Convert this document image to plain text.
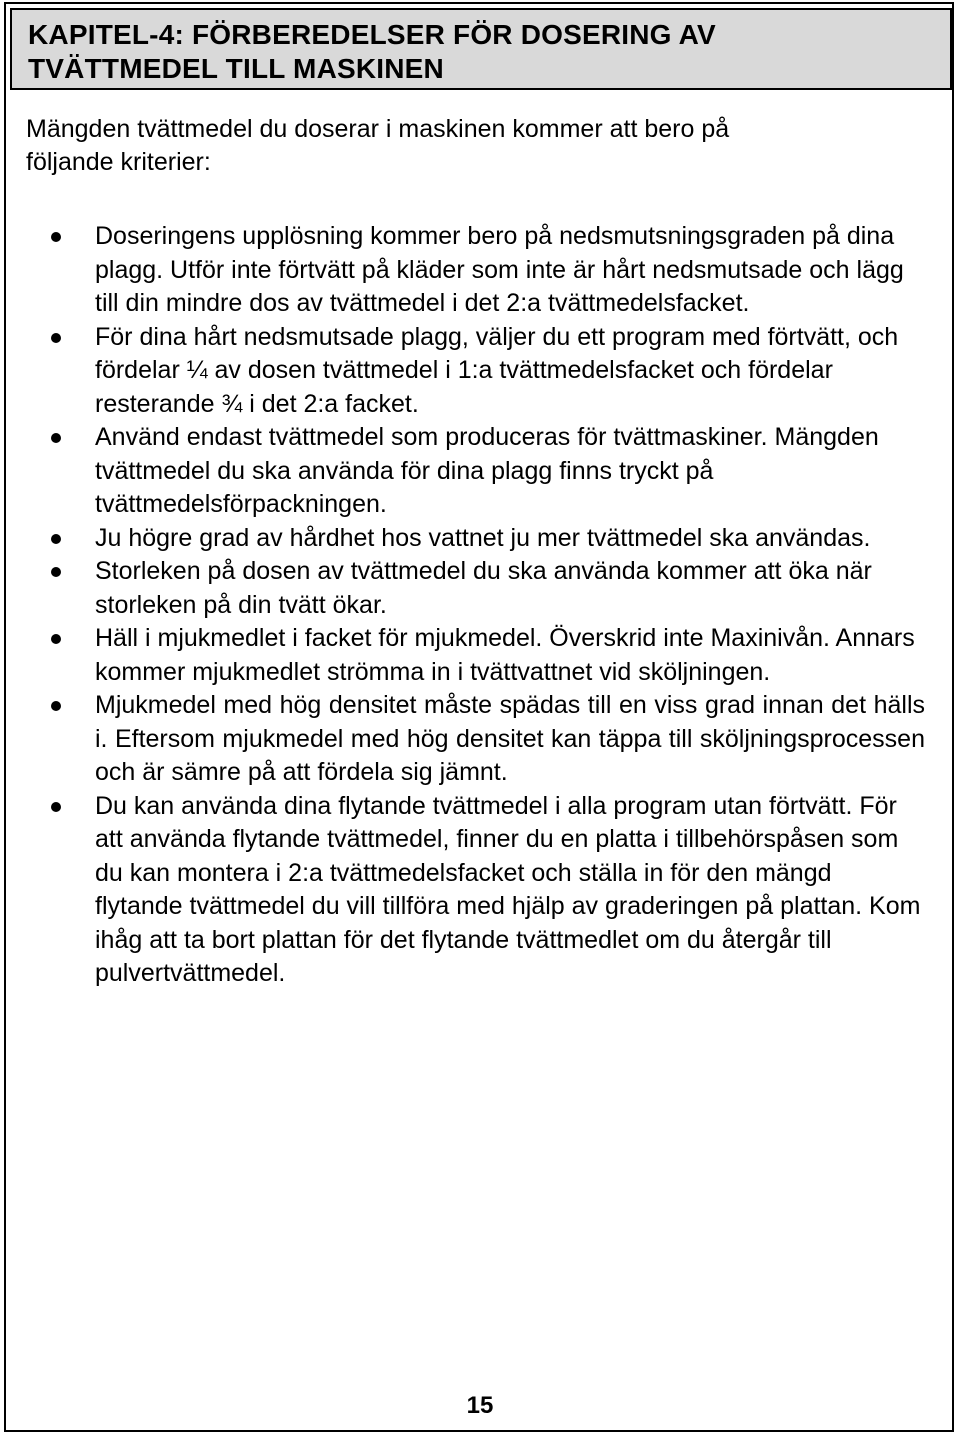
KAPITEL-4: FÖRBEREDELSER FÖR DOSERING AV
TVÄTTMEDEL TILL MASKINEN

Mängden tvättmedel du doserar i maskinen kommer att bero på
följande kriterier:

Doseringens upplösning kommer bero på nedsmutsningsgraden på dina plagg. Utför inte förtvätt på kläder som inte är hårt nedsmutsade och lägg till din mindre dos av tvättmedel i det 2:a tvättmedelsfacket.
För dina hårt nedsmutsade plagg, väljer du ett program med förtvätt, och fördelar ¼ av dosen tvättmedel i 1:a tvättmedelsfacket och fördelar resterande ¾ i det 2:a facket.
Använd endast tvättmedel som produceras för tvättmaskiner. Mängden tvättmedel du ska använda för dina plagg finns tryckt på tvättmedelsförpackningen.
Ju högre grad av hårdhet hos vattnet ju mer tvättmedel ska användas.
Storleken på dosen av tvättmedel du ska använda kommer att öka när storleken på din tvätt ökar.
Häll i mjukmedlet i facket för mjukmedel. Överskrid inte Maxinivån. Annars kommer mjukmedlet strömma in i tvättvattnet vid sköljningen.
Mjukmedel med hög densitet måste spädas till en viss grad innan det hälls i. Eftersom mjukmedel med hög densitet kan täppa till sköljningsprocessen och är sämre på att fördela sig jämnt.
Du kan använda dina flytande tvättmedel i alla program utan förtvätt. För att använda flytande tvättmedel, finner du en platta i tillbehörspåsen som du kan montera i 2:a tvättmedelsfacket och ställa in för den mängd flytande tvättmedel du vill tillföra med hjälp av graderingen på plattan. Kom ihåg att ta bort plattan för det flytande tvättmedlet om du återgår till pulvertvättmedel.

15
